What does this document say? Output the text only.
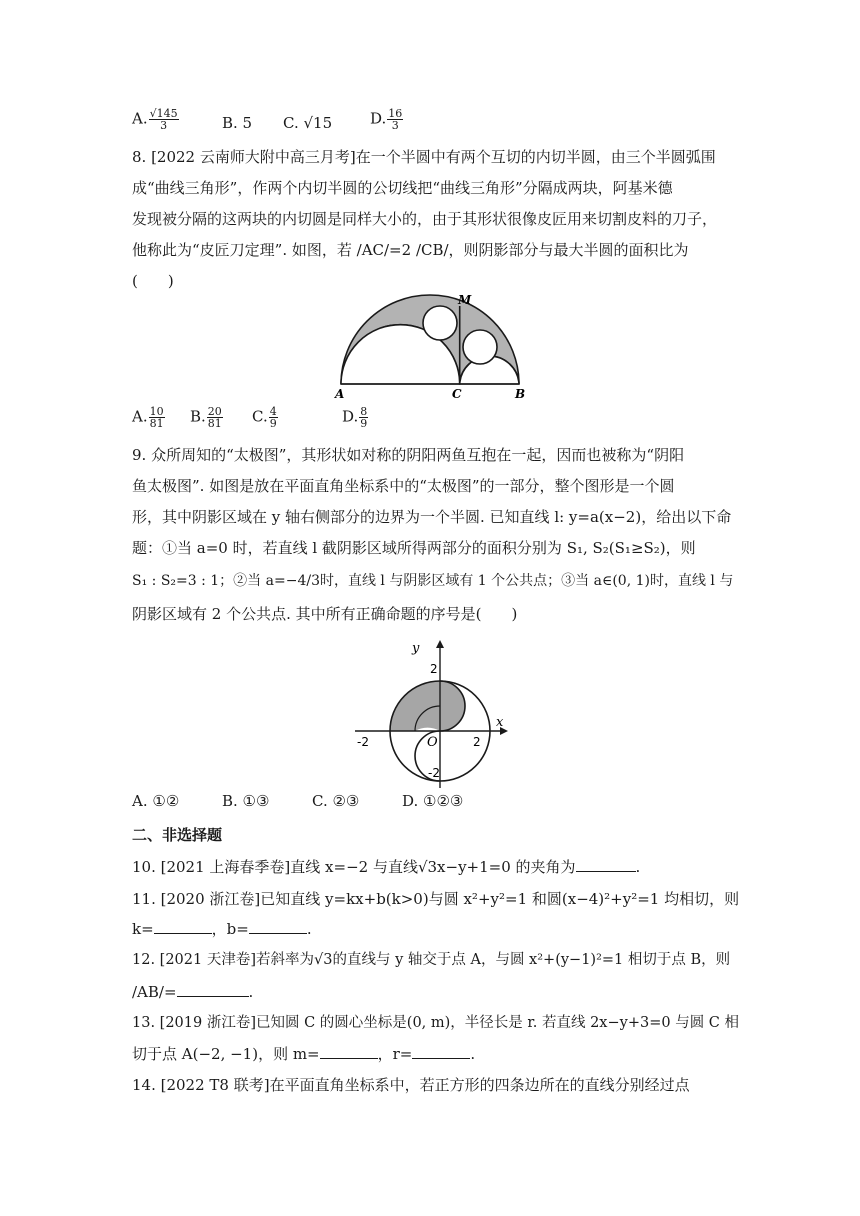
A. $\frac{√145}{3}$	B. 5 C. √15	D. $\frac{16}{3}$
8. [2022 云南师大附中高三月考]在一个半圆中有两个互切的内切半圆，由三个半圆弧围
成“曲线三角形”，作两个内切半圆的公切线把“曲线三角形”分隔成两块，阿基米德
发现被分隔的这两块的内切圆是同样大小的，由于其形状很像皮匠用来切割皮料的刀子，
他称此为“皮匠刀定理”. 如图，若 /AC/=2 /CB/，则阴影部分与最大半圆的面积比为
(　　)
A	C	B
M
A. $\frac{10}{81} B$. $\frac{20}{81} C$. $\frac{4}{9}$	D. $\frac{8}{9}$
9. 众所周知的“太极图”，其形状如对称的阴阳两鱼互抱在一起，因而也被称为“阴阳
鱼太极图”. 如图是放在平面直角坐标系中的“太极图”的一部分，整个图形是一个圆
形，其中阴影区域在 y 轴右侧部分的边界为一个半圆. 已知直线 l: y=a(x−2)，给出以下命
题：①当 a=0 时，若直线 l 截阴影区域所得两部分的面积分别为 S₁, S₂(S₁≥S₂)，则
S₁ : S₂=3 : 1；②当 a=−4/3时，直线 l 与阴影区域有 1 个公共点；③当 a∈(0, 1)时，直线 l 与
阴影区域有 2 个公共点. 其中所有正确命题的序号是(　　)
y
x
O
2
2
-2
-2
A. ①②	B. ①③	C. ②③	D. ①②③
二、非选择题
10. [2021 上海春季卷]直线 x=−2 与直线√3x−y+1=0 的夹角为	.
11. [2020 浙江卷]已知直线 y=kx+b(k>0)与圆 x²+y²=1 和圆(x−4)²+y²=1 均相切，则
k=	，b=	.
12. [2021 天津卷]若斜率为√3的直线与 y 轴交于点 A，与圆 x²+(y−1)²=1 相切于点 B，则
/AB/=	.
13. [2019 浙江卷]已知圆 C 的圆心坐标是(0, m)，半径长是 r. 若直线 2x−y+3=0 与圆 C 相
切于点 A(−2, −1)，则 m=	，r=	.
14. [2022 T8 联考]在平面直角坐标系中，若正方形的四条边所在的直线分别经过点
